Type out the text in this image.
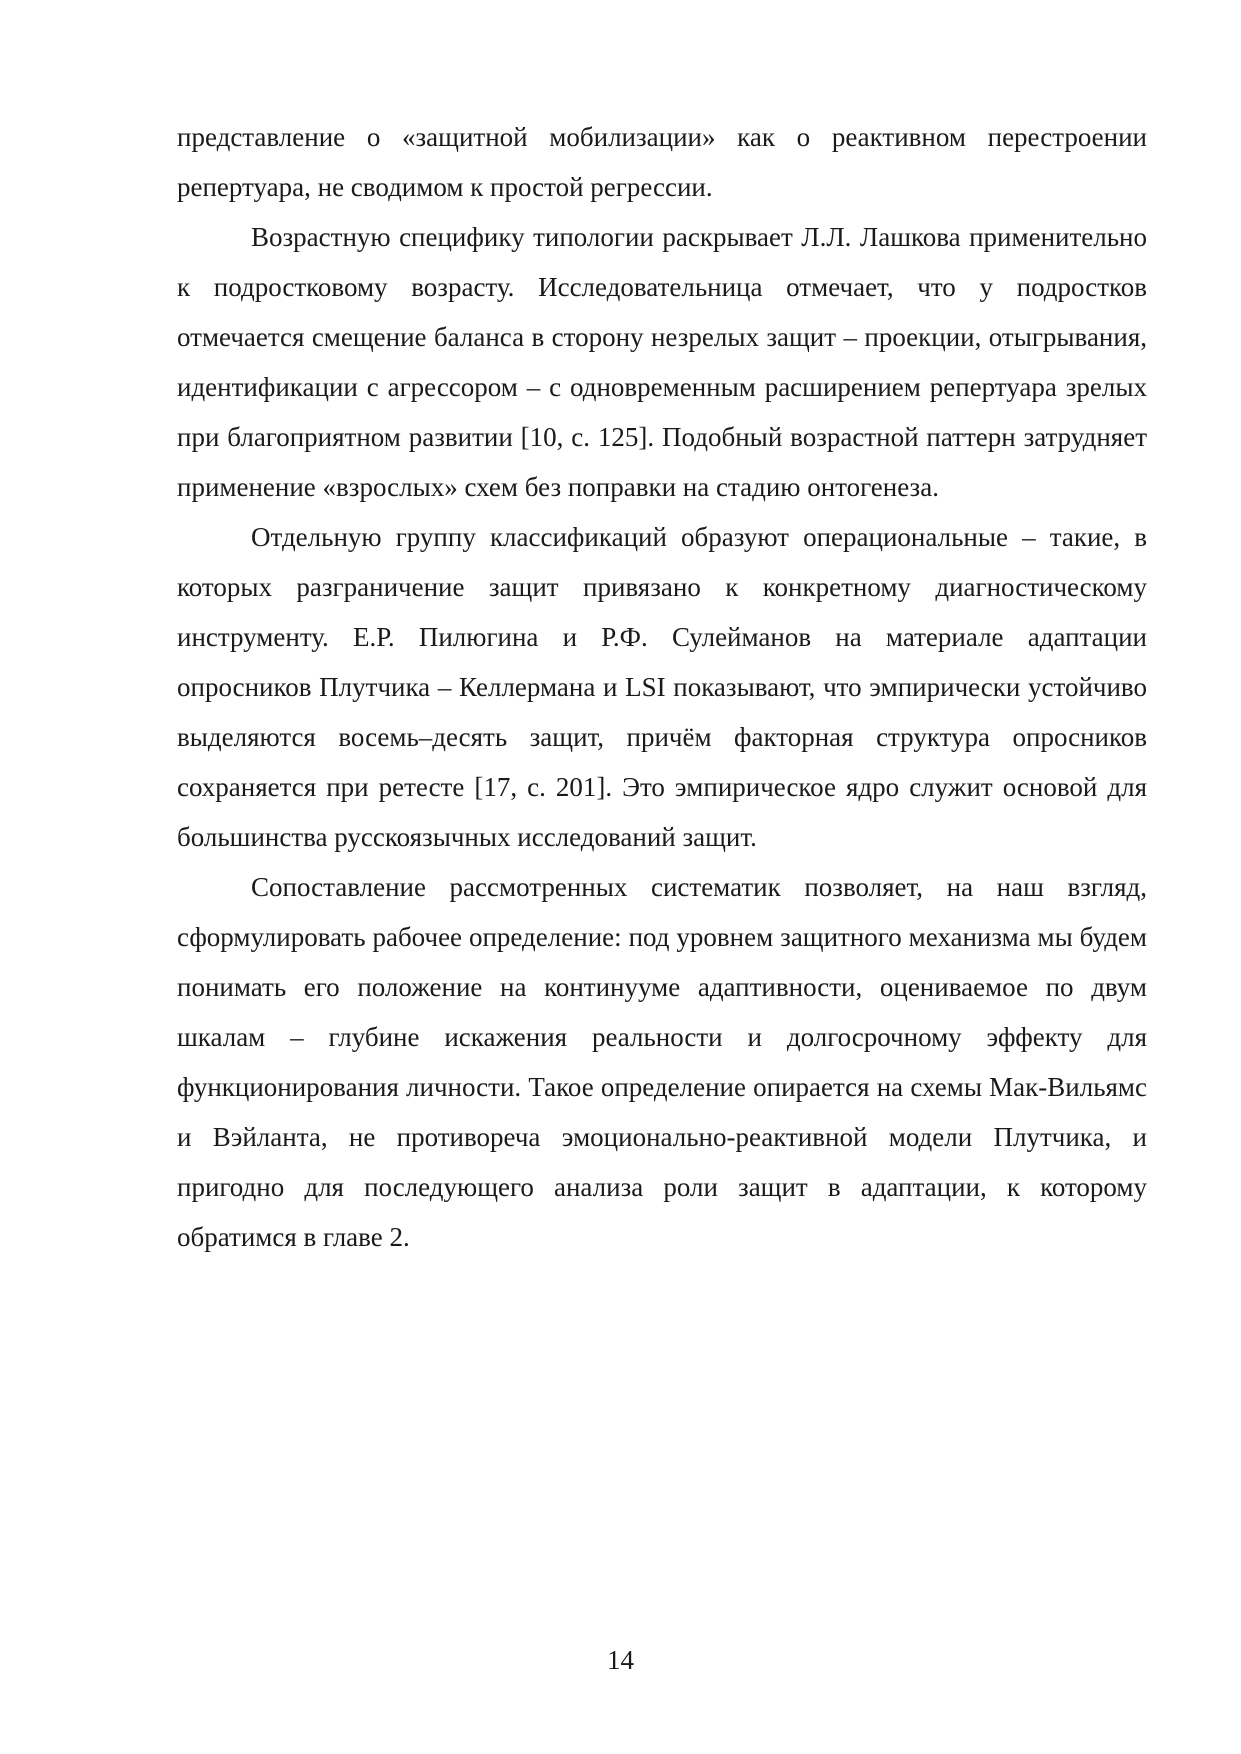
представление о «защитной мобилизации» как о реактивном перестроении репертуара, не сводимом к простой регрессии.

Возрастную специфику типологии раскрывает Л.Л. Лашкова применительно к подростковому возрасту. Исследовательница отмечает, что у подростков отмечается смещение баланса в сторону незрелых защит – проекции, отыгрывания, идентификации с агрессором – с одновременным расширением репертуара зрелых при благоприятном развитии [10, с. 125]. Подобный возрастной паттерн затрудняет применение «взрослых» схем без поправки на стадию онтогенеза.

Отдельную группу классификаций образуют операциональные – такие, в которых разграничение защит привязано к конкретному диагностическому инструменту. Е.Р. Пилюгина и Р.Ф. Сулейманов на материале адаптации опросников Плутчика – Келлермана и LSI показывают, что эмпирически устойчиво выделяются восемь–десять защит, причём факторная структура опросников сохраняется при ретесте [17, с. 201]. Это эмпирическое ядро служит основой для большинства русскоязычных исследований защит.

Сопоставление рассмотренных систематик позволяет, на наш взгляд, сформулировать рабочее определение: под уровнем защитного механизма мы будем понимать его положение на континууме адаптивности, оцениваемое по двум шкалам – глубине искажения реальности и долгосрочному эффекту для функционирования личности. Такое определение опирается на схемы Мак-Вильямс и Вэйланта, не противореча эмоционально-реактивной модели Плутчика, и пригодно для последующего анализа роли защит в адаптации, к которому обратимся в главе 2.

14
